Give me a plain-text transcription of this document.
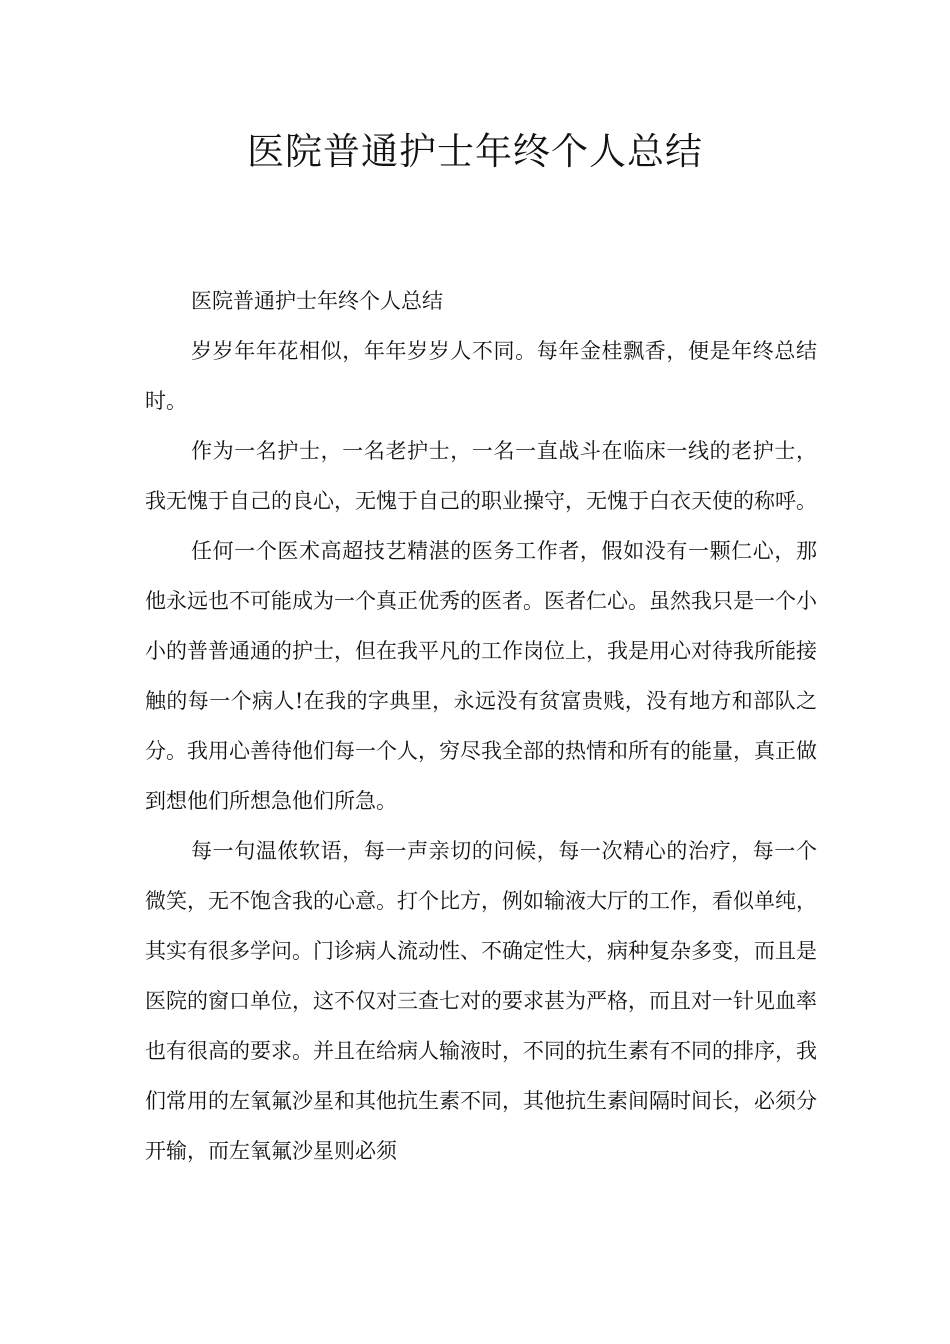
医院普通护士年终个人总结

医院普通护士年终个人总结

岁岁年年花相似，年年岁岁人不同。每年金桂飘香，便是年终总结时。

作为一名护士，一名老护士，一名一直战斗在临床一线的老护士，我无愧于自己的良心，无愧于自己的职业操守，无愧于白衣天使的称呼。

任何一个医术高超技艺精湛的医务工作者，假如没有一颗仁心，那他永远也不可能成为一个真正优秀的医者。医者仁心。虽然我只是一个小小的普普通通的护士，但在我平凡的工作岗位上，我是用心对待我所能接触的每一个病人!在我的字典里，永远没有贫富贵贱，没有地方和部队之分。我用心善待他们每一个人，穷尽我全部的热情和所有的能量，真正做到想他们所想急他们所急。

每一句温侬软语，每一声亲切的问候，每一次精心的治疗，每一个微笑，无不饱含我的心意。打个比方，例如输液大厅的工作，看似单纯，其实有很多学问。门诊病人流动性、不确定性大，病种复杂多变，而且是医院的窗口单位，这不仅对三查七对的要求甚为严格，而且对一针见血率也有很高的要求。并且在给病人输液时，不同的抗生素有不同的排序，我们常用的左氧氟沙星和其他抗生素不同，其他抗生素间隔时间长，必须分开输，而左氧氟沙星则必须
